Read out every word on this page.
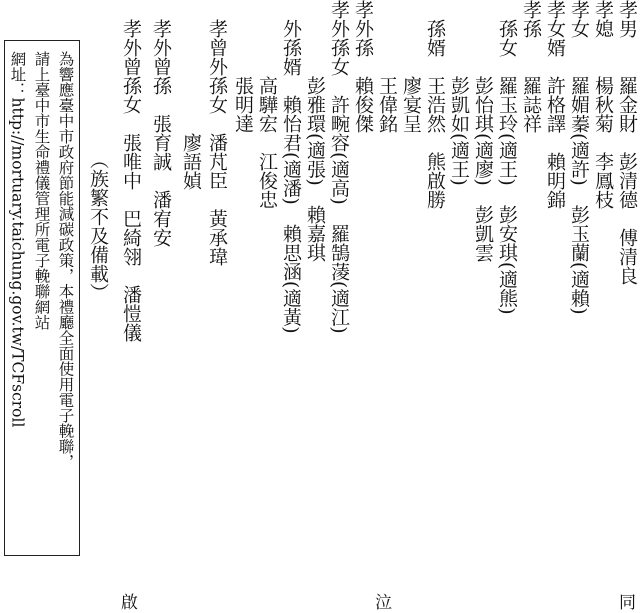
孝男　　羅金財　彭清德　傅清良
孝媳　　楊秋菊　李鳳枝
孝女　　羅媚蓁(適許)　彭玉蘭(適賴)
孝女婿　許格譯　賴明錦
孝孫　　羅誌祥
　孫女　羅玉玲(適王)　彭安琪(適熊)
　　　　彭怡琪(適廖)　彭凱雲
　　　　彭凱如(適王)
　孫婿　王浩然　熊啟勝
　　　　廖宴呈
　　　　王偉銘
孝外孫　賴俊傑
孝外孫女　許畹容(適高)　羅鵠蓤(適江)
　　　　彭雅環(適張)　賴嘉琪
　外孫婿　賴怡君(適潘)　賴思涵(適黃)
　　　　高驊宏　江俊忠
　　　　張明達
　孝曾外孫女　潘芃臣　黃承瑋
　　　　　　　廖語媜
　孝外曾孫　張育誠　潘宥安
　孝外曾孫女　張唯中　巴綺翎　潘愷儀
（族繁不及備載）
為響應臺中市政府節能減碳政策，本禮廳全面使用電子輓聯，
請上臺中市生命禮儀管理所電子輓聯網站
網址：http://mortuary.taichung.gov.tw/TCFscroll
同
泣
啟
